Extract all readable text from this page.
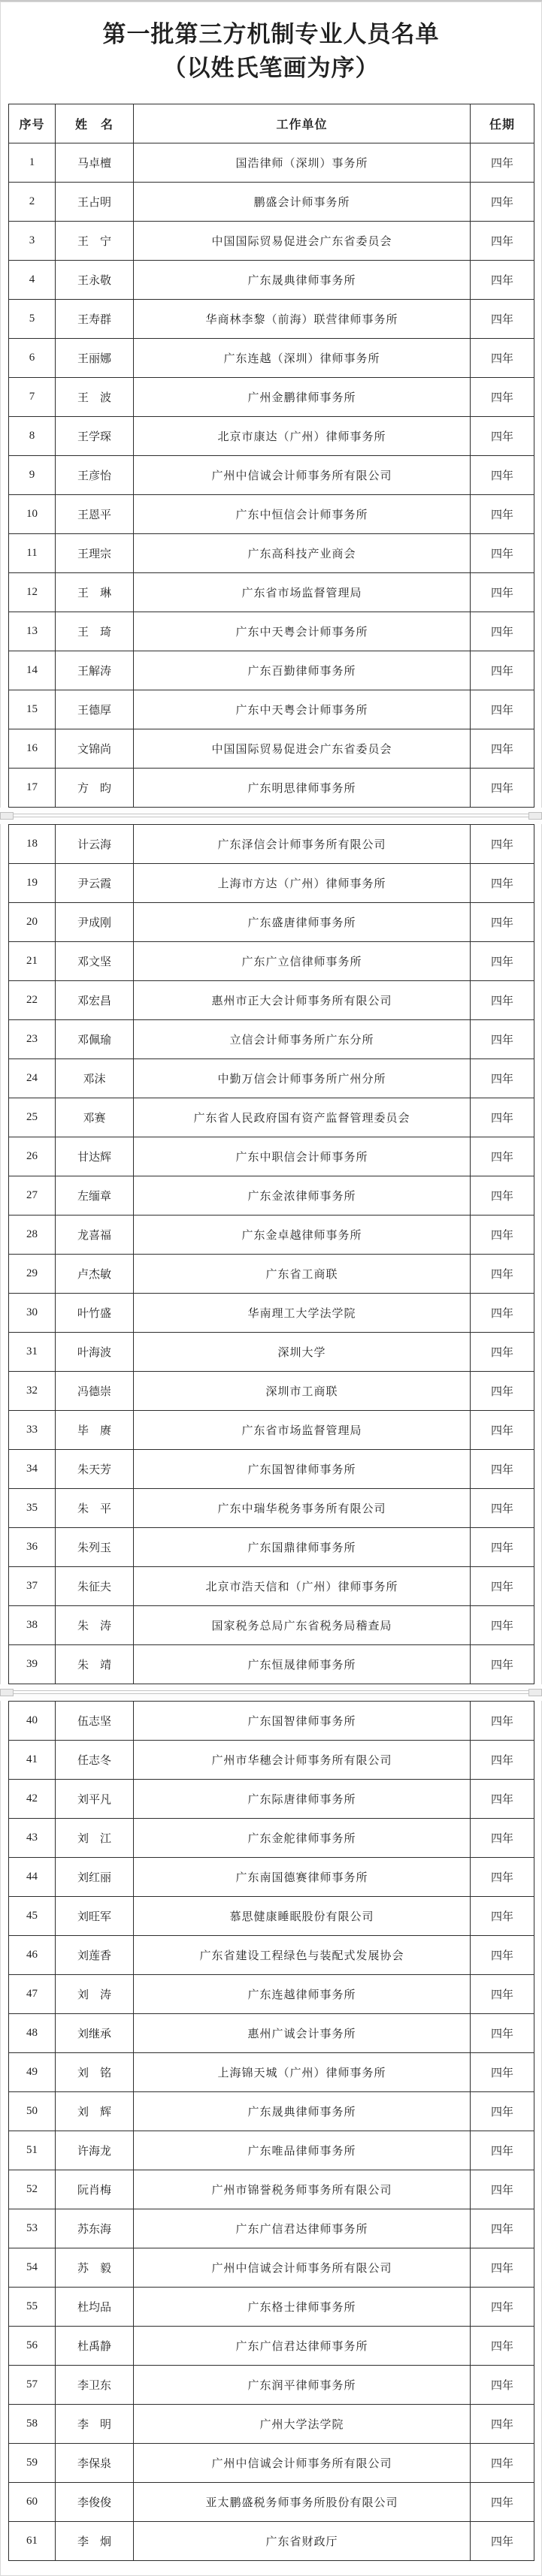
第一批第三方机制专业人员名单
（以姓氏笔画为序）
序号	姓　名	工作单位	任期
1	马卓檀	国浩律师（深圳）事务所	四年
2	王占明	鹏盛会计师事务所	四年
3	王　宁	中国国际贸易促进会广东省委员会	四年
4	王永敬	广东晟典律师事务所	四年
5	王寿群	华商林李黎（前海）联营律师事务所	四年
6	王丽娜	广东连越（深圳）律师事务所	四年
7	王　波	广州金鹏律师事务所	四年
8	王学琛	北京市康达（广州）律师事务所	四年
9	王彦怡	广州中信诚会计师事务所有限公司	四年
10	王恩平	广东中恒信会计师事务所	四年
11	王理宗	广东高科技产业商会	四年
12	王　琳	广东省市场监督管理局	四年
13	王　琦	广东中天粤会计师事务所	四年
14	王解涛	广东百勤律师事务所	四年
15	王德厚	广东中天粤会计师事务所	四年
16	文锦尚	中国国际贸易促进会广东省委员会	四年
17	方　昀	广东明思律师事务所	四年
18	计云海	广东泽信会计师事务所有限公司	四年
19	尹云霞	上海市方达（广州）律师事务所	四年
20	尹成刚	广东盛唐律师事务所	四年
21	邓文坚	广东广立信律师事务所	四年
22	邓宏昌	惠州市正大会计师事务所有限公司	四年
23	邓佩瑜	立信会计师事务所广东分所	四年
24	邓沫	中勤万信会计师事务所广州分所	四年
25	邓赛	广东省人民政府国有资产监督管理委员会	四年
26	甘达辉	广东中职信会计师事务所	四年
27	左缅章	广东金浓律师事务所	四年
28	龙喜福	广东金卓越律师事务所	四年
29	卢杰敏	广东省工商联	四年
30	叶竹盛	华南理工大学法学院	四年
31	叶海波	深圳大学	四年
32	冯德崇	深圳市工商联	四年
33	毕　赓	广东省市场监督管理局	四年
34	朱天芳	广东国智律师事务所	四年
35	朱　平	广东中瑞华税务事务所有限公司	四年
36	朱列玉	广东国鼎律师事务所	四年
37	朱征夫	北京市浩天信和（广州）律师事务所	四年
38	朱　涛	国家税务总局广东省税务局稽查局	四年
39	朱　靖	广东恒晟律师事务所	四年
40	伍志坚	广东国智律师事务所	四年
41	任志冬	广州市华穗会计师事务所有限公司	四年
42	刘平凡	广东际唐律师事务所	四年
43	刘　江	广东金舵律师事务所	四年
44	刘红丽	广东南国德赛律师事务所	四年
45	刘旺军	慕思健康睡眠股份有限公司	四年
46	刘莲香	广东省建设工程绿色与装配式发展协会	四年
47	刘　涛	广东连越律师事务所	四年
48	刘继承	惠州广诚会计事务所	四年
49	刘　铭	上海锦天城（广州）律师事务所	四年
50	刘　辉	广东晟典律师事务所	四年
51	许海龙	广东唯品律师事务所	四年
52	阮肖梅	广州市锦誉税务师事务所有限公司	四年
53	苏东海	广东广信君达律师事务所	四年
54	苏　毅	广州中信诚会计师事务所有限公司	四年
55	杜均品	广东格士律师事务所	四年
56	杜禹静	广东广信君达律师事务所	四年
57	李卫东	广东润平律师事务所	四年
58	李　明	广州大学法学院	四年
59	李保泉	广州中信诚会计师事务所有限公司	四年
60	李俊俊	亚太鹏盛税务师事务所股份有限公司	四年
61	李　炯	广东省财政厅	四年
